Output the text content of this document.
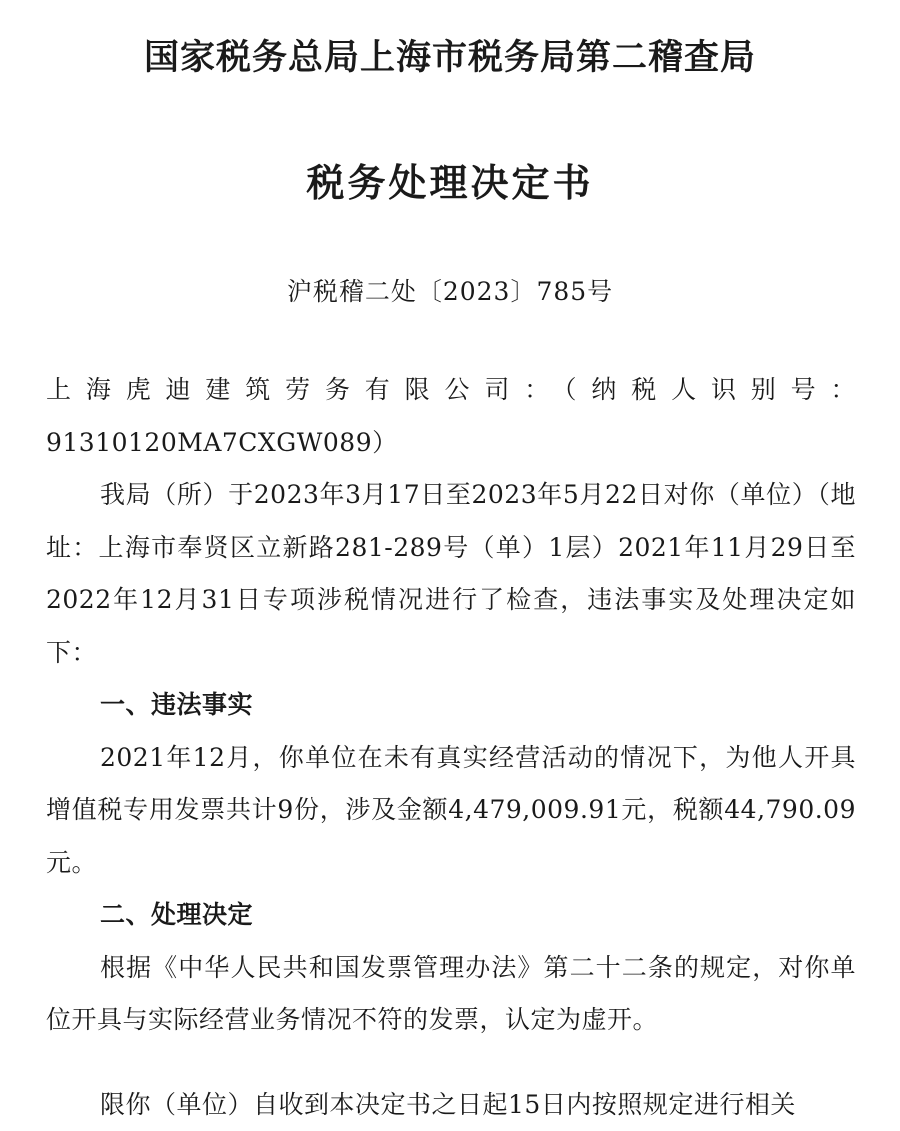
国家税务总局上海市税务局第二稽查局
税务处理决定书
沪税稽二处〔2023〕785号

上海虎迪建筑劳务有限公司：（纳税人识别号：91310120MA7CXGW089）

我局（所）于2023年3月17日至2023年5月22日对你（单位）（地址：上海市奉贤区立新路281-289号（单）1层）2021年11月29日至2022年12月31日专项涉税情况进行了检查，违法事实及处理决定如下：

一、违法事实

2021年12月，你单位在未有真实经营活动的情况下，为他人开具增值税专用发票共计9份，涉及金额4,479,009.91元，税额44,790.09元。

二、处理决定

根据《中华人民共和国发票管理办法》第二十二条的规定，对你单位开具与实际经营业务情况不符的发票，认定为虚开。

限你（单位）自收到本决定书之日起15日内按照规定进行相关
